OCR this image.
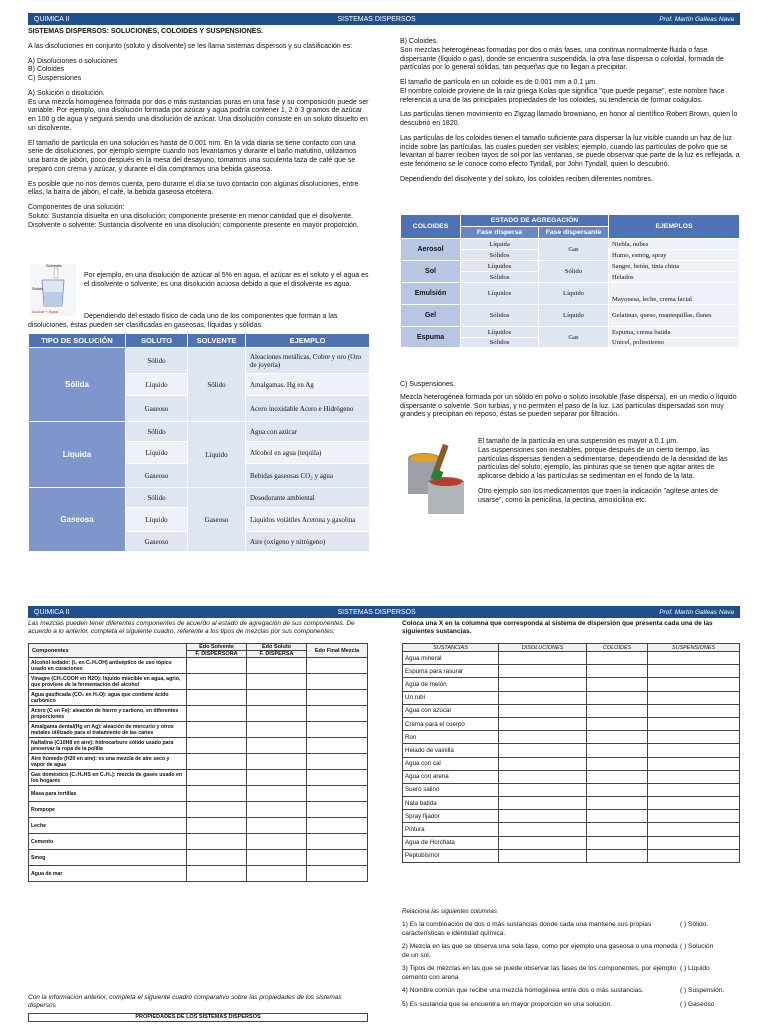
QUIMICA II	SISTEMAS DISPERSOS	Prof. Martín Galleas Nava

SISTEMAS DISPERSOS: SOLUCIONES, COLOIDES Y SUSPENSIONES.

A las disoluciones en conjunto (soluto y disolvente) se les llama sistemas dispersos y su clasificación es:

A) Disoluciones o soluciones
B) Coloides
C) Suspensiones

A) Solución o disolución.

Es una mezcla homogénea formada por dos o más sustancias puras en una fase y su composición puede ser variable. Por ejemplo, una disolución formada por azúcar y agua podría contener 1, 2 ó 3 gramos de azúcar en 100 g de agua y seguirá siendo una disolución de azúcar. Una disolución consiste en un soluto disuelto en un disolvente.

El tamaño de partícula en una solución es hasta de 0.001 mm. En la vida diaria se tiene contacto con una serie de disoluciones, por ejemplo siempre cuando nos levantamos y durante el baño matutino, utilizamos una barra de jabón, poco después en la mesa del desayuno, tomamos una suculenta taza de café que se preparó con crema y azúcar, y durante el día compramos una bebida gaseosa.

Es posible que no nos demos cuenta, pero durante el día se tuvo contacto con algunas disoluciones, entre ellas, la barra de jabón, el café, la bebida gaseosa etcétera.

Componentes de una solución:

Soluto: Sustancia disuelta en una disolución; componente presente en menor cantidad que el disolvente.

Disolvente o solvente: Sustancia disolvente en una disolución; componente presente en mayor proporción.

Solvente
Soluto
Azúcar + Agua

Por ejemplo, en una disolución de azúcar al 5% en agua, el azúcar es el soluto y el agua es el disolvente o solvente, es una disolución acuosa debido a que el disolvente es agua.

Dependiendo del estado físico de cada uno de los componentes que forman a las disoluciones, éstas pueden ser clasificadas en gaseosas, líquidas y sólidas.

TIPO DE SOLUCIÓN	SOLUTO	SOLVENTE	EJEMPLO
Sólida	Sólido	Sólido	Aleaciones metálicas, Cobre y oro (Oro de joyería)
	Líquido		Amalgamas. Hg en Ag
	Gaseoso		Acero inoxidable Acero e Hidrógeno
Líquida	Sólido	Líquido	Agua con azúcar
	Líquido		Alcohol en agua (tequila)
	Gaseoso		Bebidas gaseosas CO₂ y agua
Gaseosa	Sólido	Gaseoso	Desodorante ambiental
	Líquido		Líquidos volátiles Acetona y gasolina
	Gaseoso		Aire (oxígeno y nitrógeno)

B) Coloides.

Son mezclas heterogéneas formadas por dos o más fases, una continua normalmente fluida o fase dispersante (líquido o gas), donde se encuentra suspendida, la otra fase dispersa o coloidal, formada de partículas por lo general sólidas, tan pequeñas que no llegan a precipitar.

El tamaño de partícula en un coloide es de 0.001 mm a 0.1 µm.

El nombre coloide proviene de la raíz griega Kolas que significa "que puede pegarse", este nombre hace referencia a una de las principales propiedades de los coloides, su tendencia de formar coágulos.

Las partículas tienen movimiento en Zigzag llamado browniano, en honor al científico Robert Brown, quien lo descubrió en 1820.

Las partículas de los coloides tienen el tamaño suficiente para dispersar la luz visible cuando un haz de luz incide sobre las partículas, las cuales pueden ser visibles; ejemplo, cuando las partículas de polvo que se levantan al barrer reciben rayos de sol por las ventanas, se puede observar que parte de la luz es reflejada, a este fenómeno se le conoce como efecto Tyndall, por John Tyndall, quien lo descubrió.

Dependiendo del disolvente y del soluto, los coloides reciben diferentes nombres.

COLOIDES	ESTADO DE AGREGACIÓN		EJEMPLOS
	Fase dispersa	Fase dispersante	
Aerosol	Líquida	Gas	Niebla, nubes
	Sólidos		Humo, esmog, spray
Sol	Líquidos	Sólido	Sangre, betún, tinta china
	Sólidos		Helados
Emulsión	Líquidos	Líquido	Mayonesa, leche, crema facial
Gel	Sólidos	Líquido	Gelatinas, queso, mantequillas, flanes
Espuma	Líquidos	Gas	Espuma, crema batida
	Sólidos		Unicel, poliestireno

C) Suspensiones.

Mezcla heterogénea formada por un sólido en polvo o soluto insoluble (fase dispersa), en un medio o líquido dispersante o solvente. Son turbias, y no permiten el paso de la luz. Las partículas dispersadas son muy grandes y precipitan en reposo, éstas se pueden separar por filtración.

El tamaño de la partícula en una suspensión es mayor a 0.1 µm.

Las suspensiones son inestables, porque después de un cierto tiempo, las partículas dispersas tienden a sedimentarse, dependiendo de la densidad de las partículas del soluto; ejemplo, las pinturas que se tienen que agitar antes de aplicarse debido a las partículas se sedimentan en el fondo de la lata.

Otro ejemplo son los medicamentos que traen la indicación "agítese antes de usarse", como la penicilina, la pectina, amoxicilina etc.

QUIMICA II	SISTEMAS DISPERSOS	Prof. Martín Galleas Nava

Las mezclas pueden tener diferentes componentes de acuerdo al estado de agregación de sus componentes. De acuerdo a lo anterior, completa el siguiente cuadro, referente a los tipos de mezclas por sus componentes:

Componentes	Edo Solvente	Edo Soluto	Edo Final Mezcla
	F. DISPERSORA	F. DISPERSA	
Alcohol iodado: (I₂ en C₂H₅OH) antiséptico de uso tópico usado en curaciones			
Vinagre (CH₃COOH en H2O): líquido miscible en agua, agrio, que proviene de la fermentación del alcohol			
Agua gasificada (CO₂ en H₂O): agua que contiene ácido carbónico			
Acero (C en Fe): aleación de hierro y carbono, en diferentes proporciones			
Amalgama dental(Hg en Ag): aleación de mercurio y otros metales utilizado para el tratamiento de las caries			
Naftalina (C10H8 en aire): hidrocarburo sólido usado para preservar la ropa de la polilla			
Aire húmedo (H20 en aire): es una mezcla de aire seco y vapor de agua			
Gas doméstico (C₃H₈HS en C₂H₆): mezcla de gases usado en los hogares			
Masa para tortillas			
Rompope			
Leche			
Cemento			
Smog			
Agua de mar			

Con la información anterior, completa el siguiente cuadro comparativo sobre las propiedades de los sistemas dispersos

PROPIEDADES DE LOS SISTEMAS DISPERSOS

Coloca una X en la columna que corresponda al sistema de dispersión que presenta cada una de las siguientes sustancias.

SUSTANCIAS	DISOLUCIONES	COLOIDES	SUSPENSIONES
Agua mineral			
Espuma para rasurar			
Agua de melón			
Un rubí			
Agua con azúcar			
Crema para el cuerpo			
Ron			
Helado de vainilla			
Agua con cal			
Agua con arena			
Suero salino			
Nata batida			
Spray fijador			
Pintura			
Agua de Horchata			
Peptobismol			

Relaciona las siguientes columnas

1) Es la combinación de dos o más sustancias donde cada una mantiene sus propias características e identidad química.
( ) Sólido.
2) Mezcla en las que se observa una sola fase, como por ejemplo una gaseosa o una moneda de un sol.
( ) Solución
3) Tipos de mezclas en las que se puede observar las fases de los componentes, por ejemplo cemento con arena
( ) Líquido
4) Nombre común que recibe una mezcla homogénea entre dos o más sustancias.	( ) Suspensión.
5) Es sustancia que se encuentra en mayor proporción en una solución.	( ) Gaseoso
